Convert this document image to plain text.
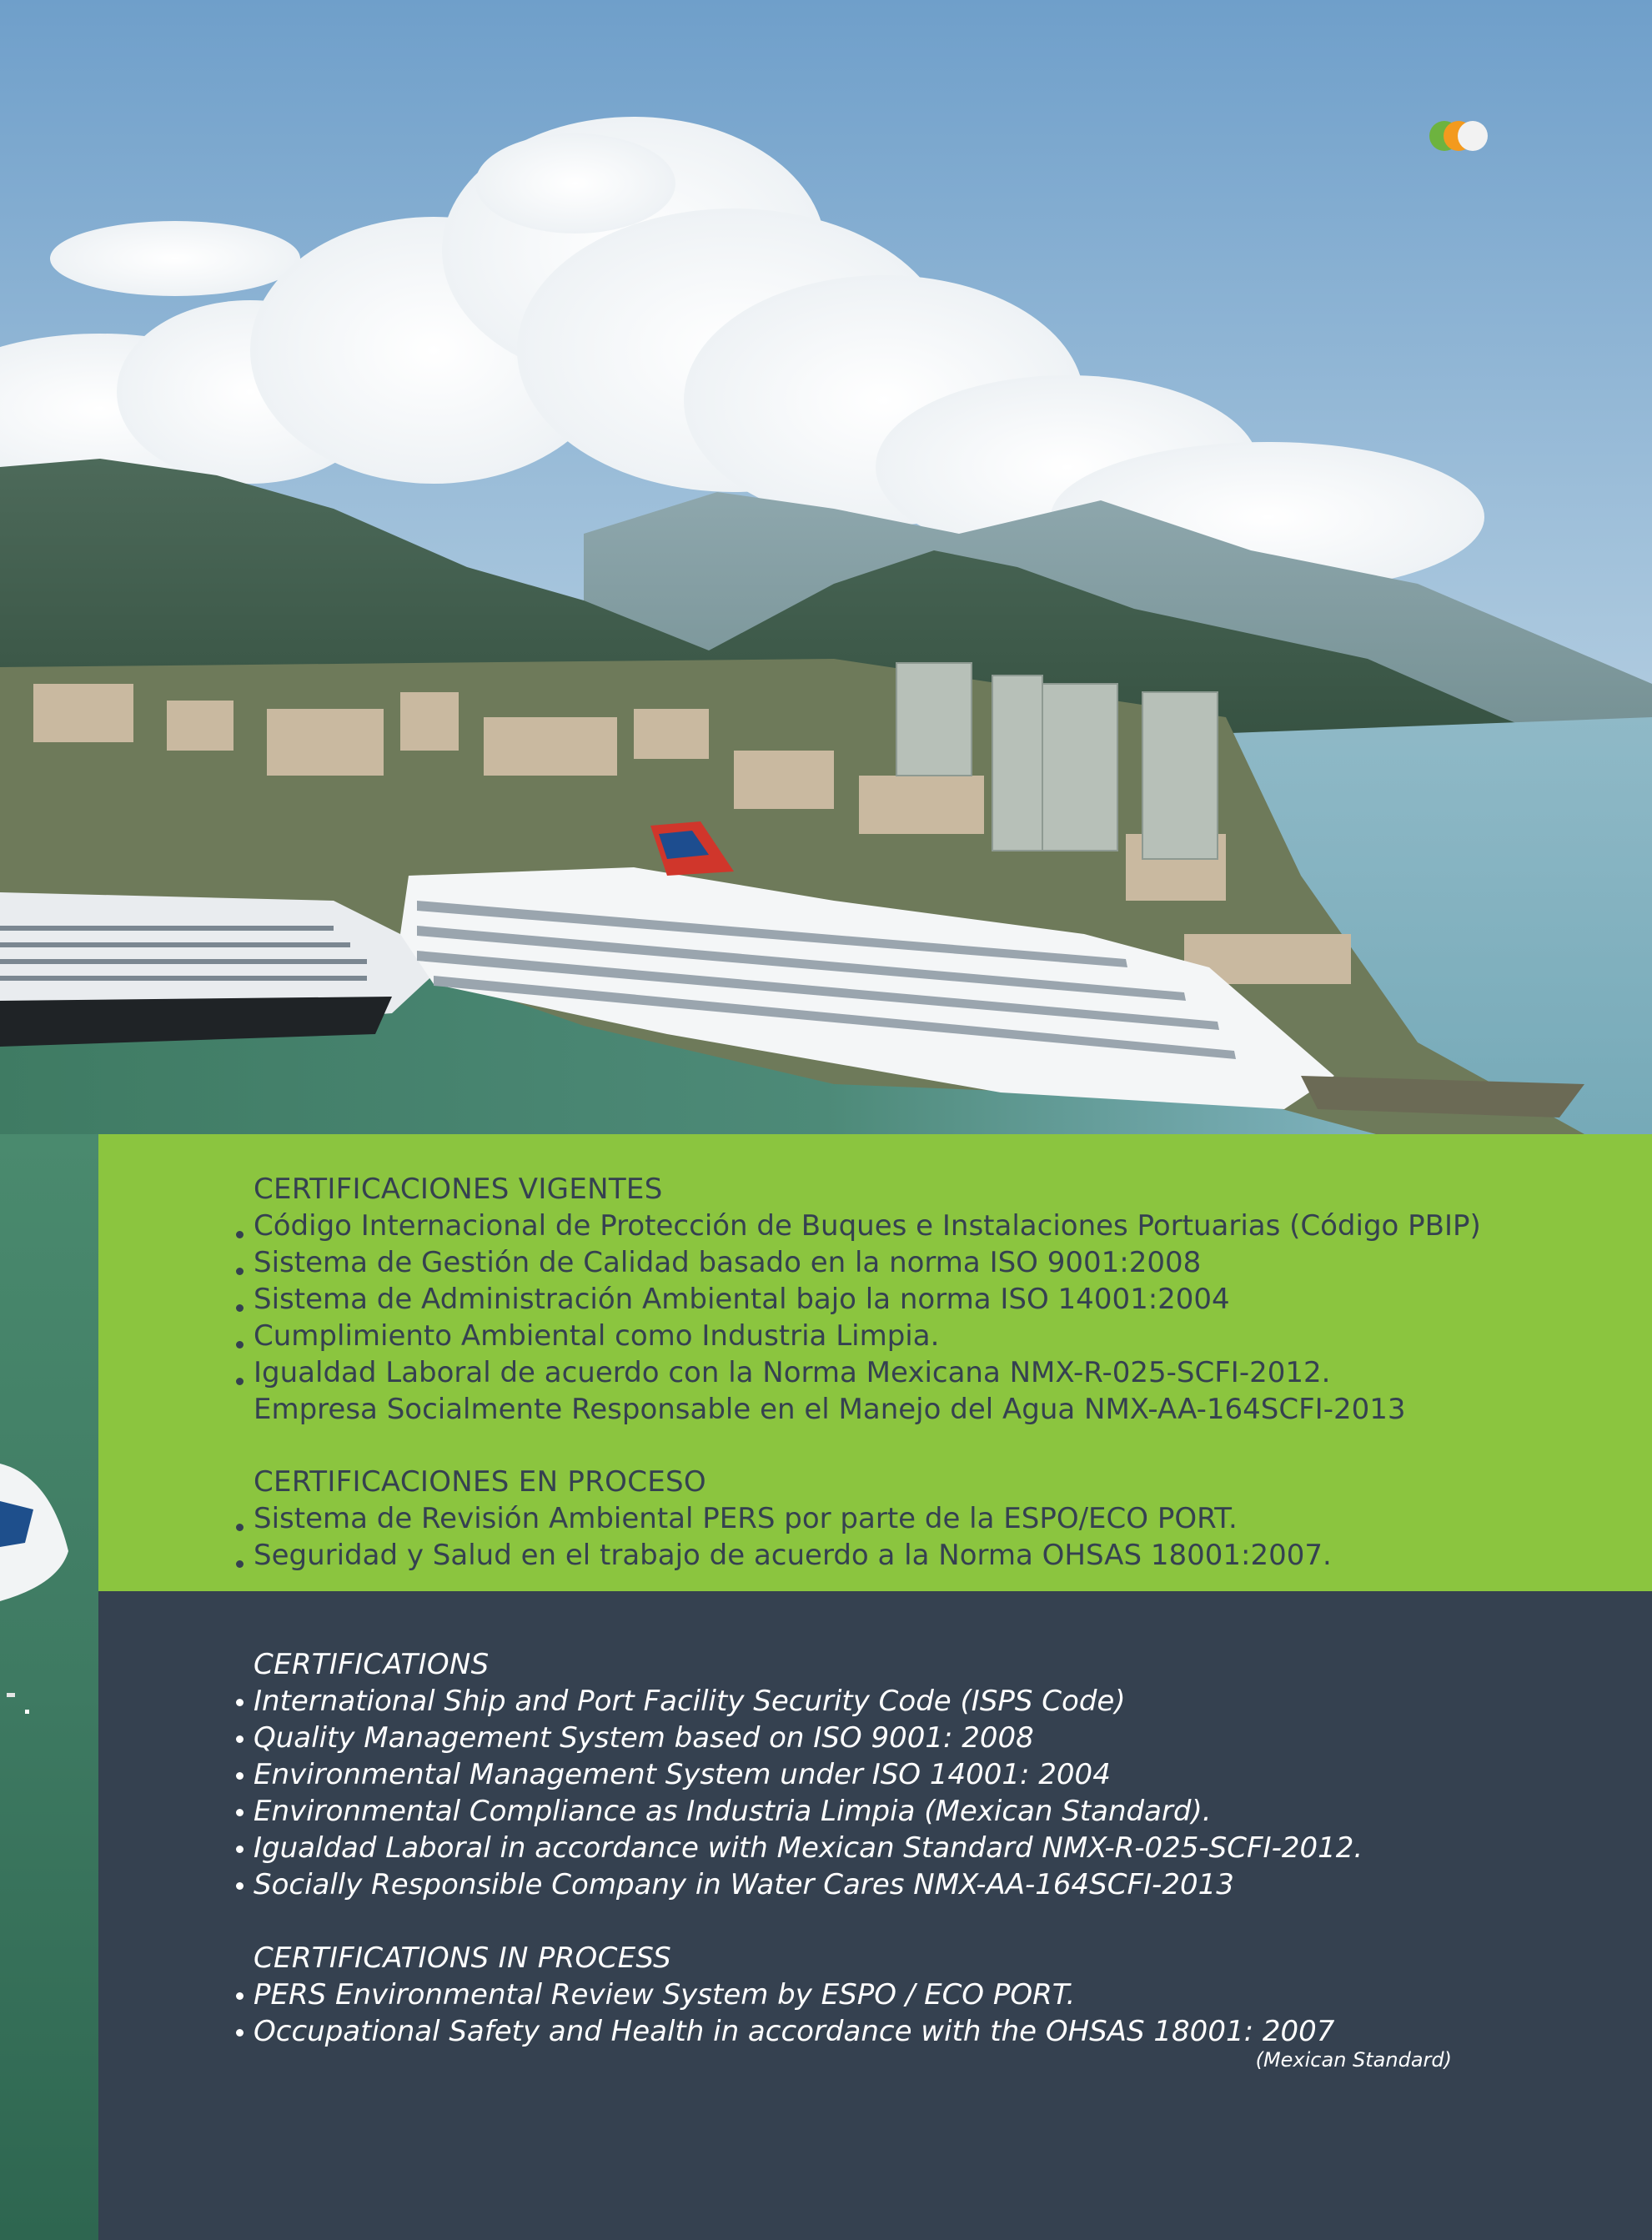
CERTIFICACIONES VIGENTES
Código Internacional de Protección de Buques e Instalaciones Portuarias (Código PBIP)
Sistema de Gestión de Calidad basado en la norma ISO 9001:2008
Sistema de Administración Ambiental bajo la norma ISO 14001:2004
Cumplimiento Ambiental como Industria Limpia.
Igualdad Laboral de acuerdo con la Norma Mexicana NMX-R-025-SCFI-2012.
Empresa Socialmente Responsable en el Manejo del Agua NMX-AA-164SCFI-2013
CERTIFICACIONES EN PROCESO
Sistema de Revisión Ambiental PERS por parte de la ESPO/ECO PORT.
Seguridad y Salud en el trabajo de acuerdo a la Norma OHSAS 18001:2007.
CERTIFICATIONS
International Ship and Port Facility Security Code (ISPS Code)
Quality Management System based on ISO 9001: 2008
Environmental Management System under ISO 14001: 2004
Environmental Compliance as Industria Limpia (Mexican Standard).
Igualdad Laboral in accordance with Mexican Standard NMX-R-025-SCFI-2012.
Socially Responsible Company in Water Cares NMX-AA-164SCFI-2013
CERTIFICATIONS IN PROCESS
PERS Environmental Review System by ESPO / ECO PORT.
Occupational Safety and Health in accordance with the OHSAS 18001: 2007
(Mexican Standard)
